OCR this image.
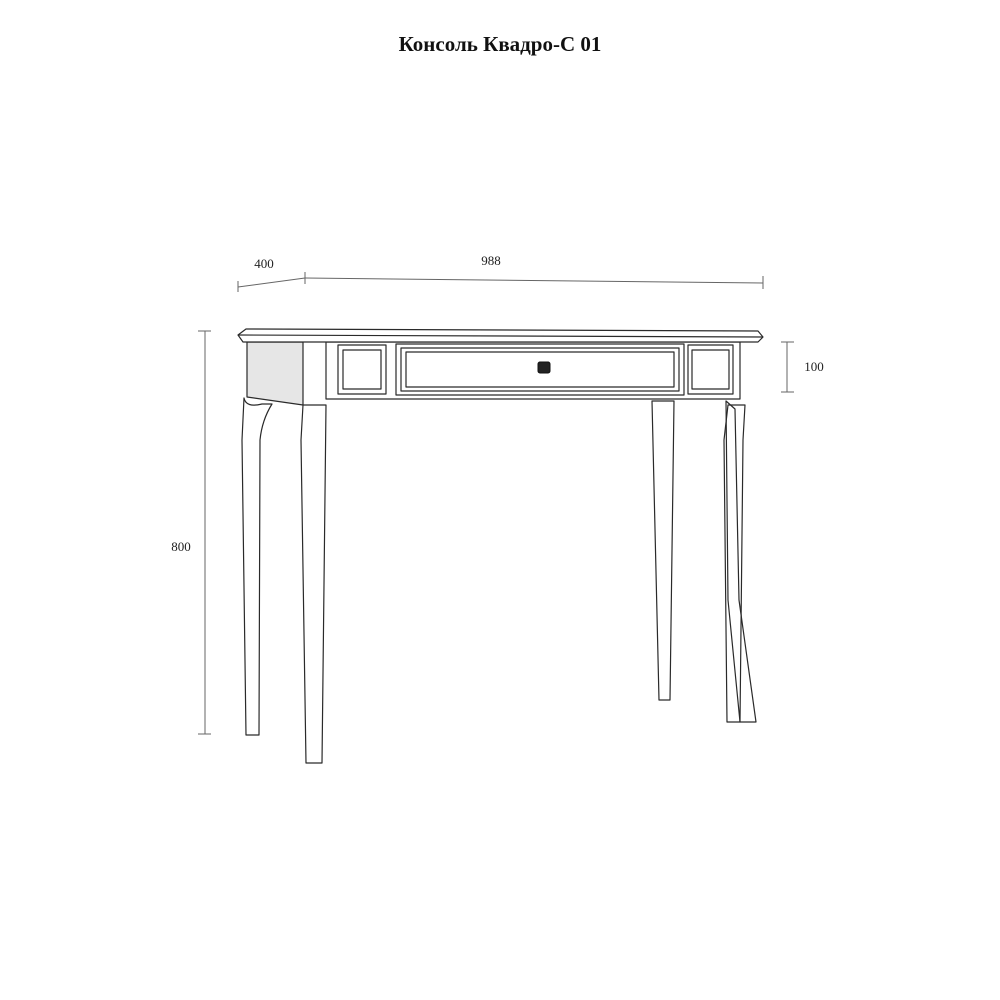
Консоль Квадро-С 01
400	988
100
800
